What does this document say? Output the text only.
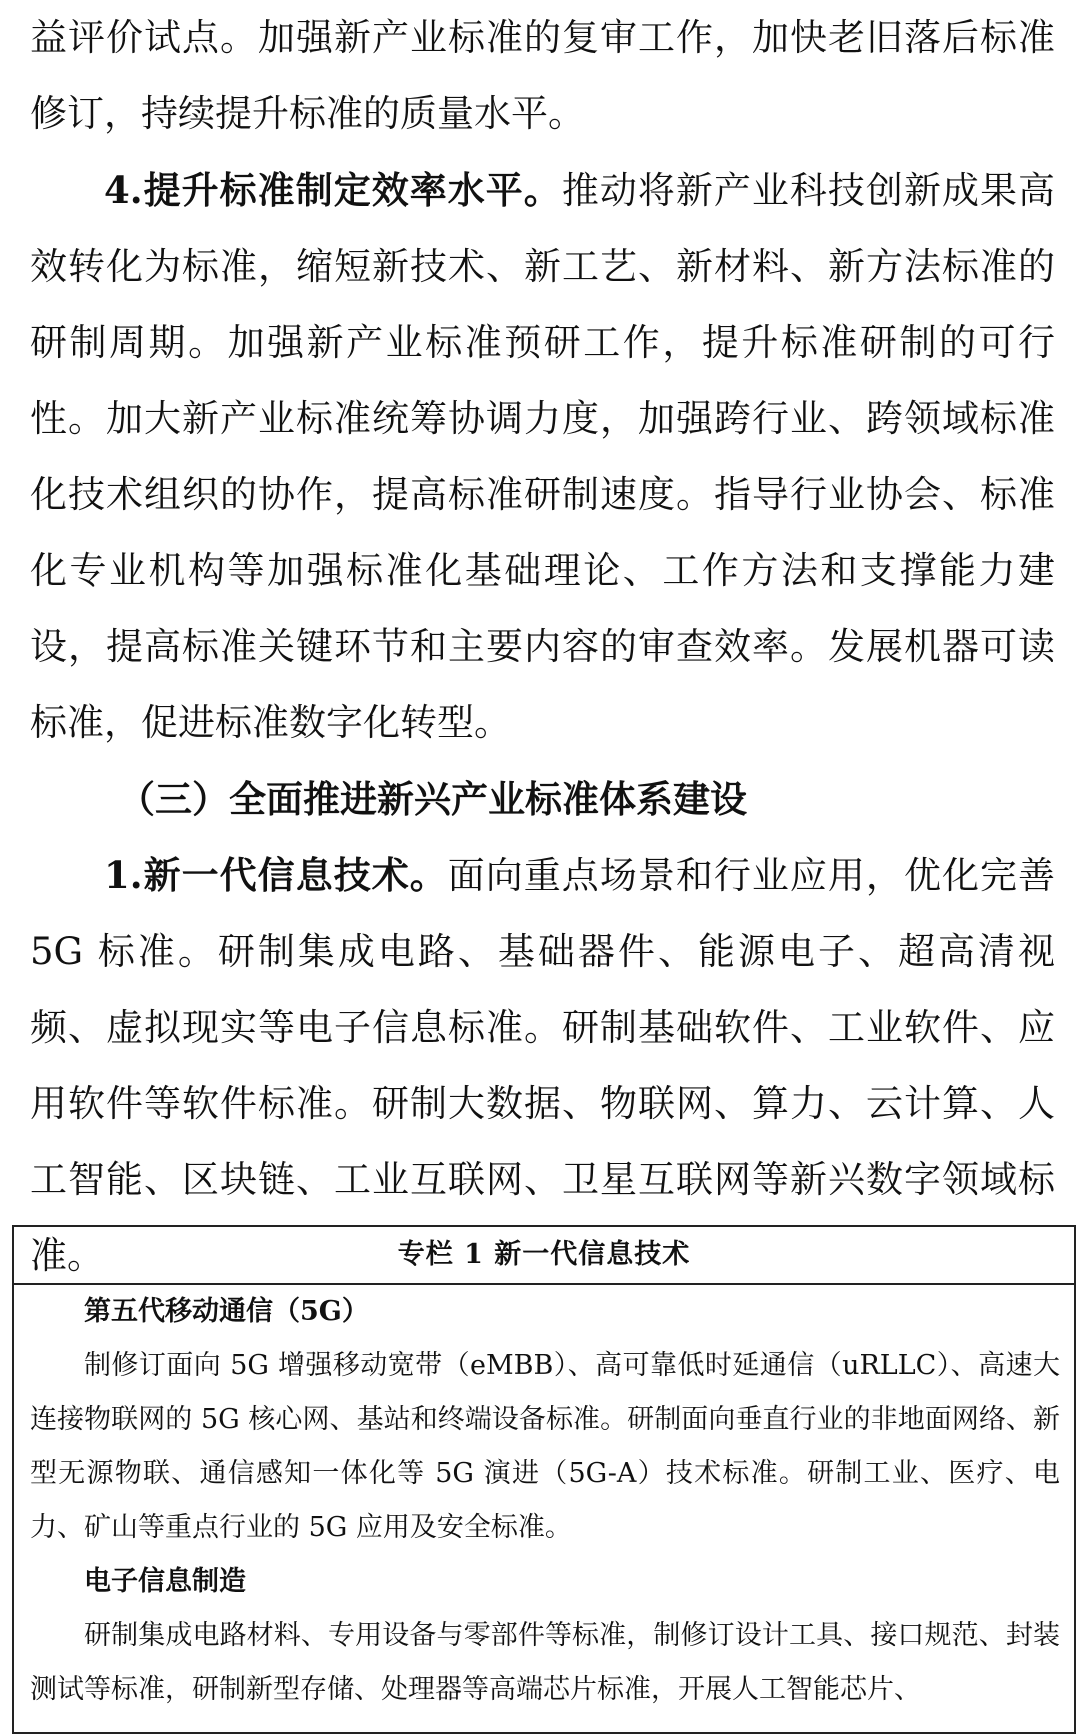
益评价试点。加强新产业标准的复审工作，加快老旧落后标准修订，持续提升标准的质量水平。

4.提升标准制定效率水平。推动将新产业科技创新成果高效转化为标准，缩短新技术、新工艺、新材料、新方法标准的研制周期。加强新产业标准预研工作，提升标准研制的可行性。加大新产业标准统筹协调力度，加强跨行业、跨领域标准化技术组织的协作，提高标准研制速度。指导行业协会、标准化专业机构等加强标准化基础理论、工作方法和支撑能力建设，提高标准关键环节和主要内容的审查效率。发展机器可读标准，促进标准数字化转型。

（三）全面推进新兴产业标准体系建设

1.新一代信息技术。面向重点场景和行业应用，优化完善 5G 标准。研制集成电路、基础器件、能源电子、超高清视频、虚拟现实等电子信息标准。研制基础软件、工业软件、应用软件等软件标准。研制大数据、物联网、算力、云计算、人工智能、区块链、工业互联网、卫星互联网等新兴数字领域标准。	专栏 1 新一代信息技术

第五代移动通信（5G）

制修订面向 5G 增强移动宽带（eMBB）、高可靠低时延通信（uRLLC）、高速大连接物联网的 5G 核心网、基站和终端设备标准。研制面向垂直行业的非地面网络、新型无源物联、通信感知一体化等 5G 演进（5G-A）技术标准。研制工业、医疗、电力、矿山等重点行业的 5G 应用及安全标准。

电子信息制造

研制集成电路材料、专用设备与零部件等标准，制修订设计工具、接口规范、封装测试等标准，研制新型存储、处理器等高端芯片标准，开展人工智能芯片、
